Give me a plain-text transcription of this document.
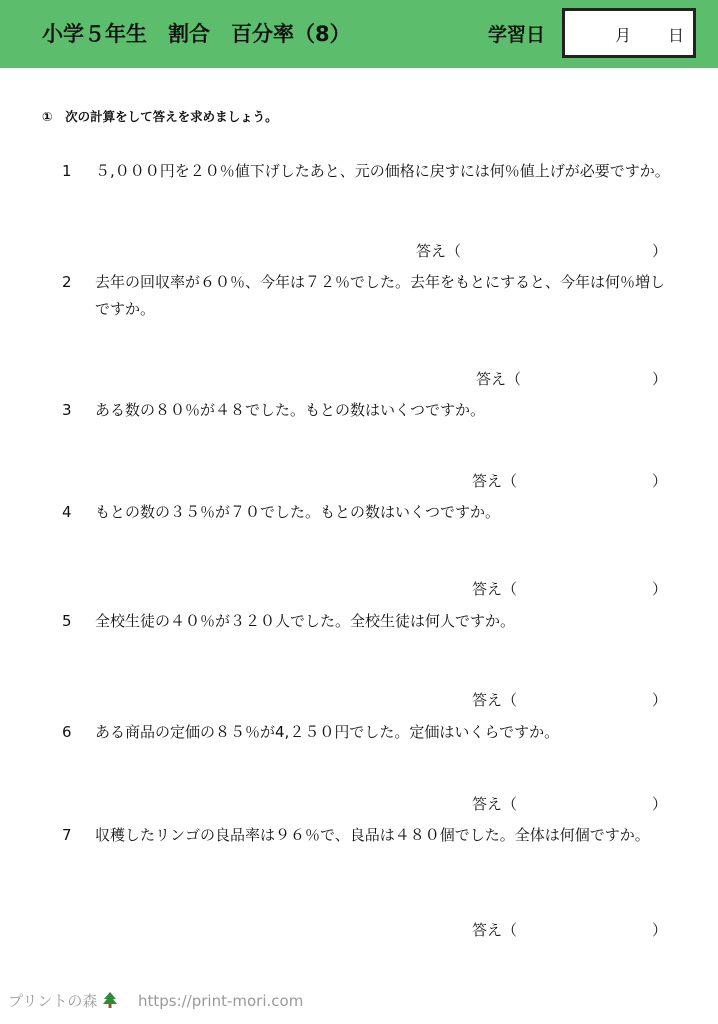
小学５年生　割合　百分率（8）	学習日	月 日
①　次の計算をして答えを求めましょう。
1 ５,０００円を２０％値下げしたあと、元の価格に戻すには何％値上げが必要ですか。
答え（	）
2 去年の回収率が６０％、今年は７２％でした。去年をもとにすると、今年は何％増しですか。
答え（	）
3 ある数の８０％が４８でした。もとの数はいくつですか。
答え（	）
4 もとの数の３５％が７０でした。もとの数はいくつですか。
答え（	）
5 全校生徒の４０％が３２０人でした。全校生徒は何人ですか。
答え（	）
6 ある商品の定価の８５％が4,２５０円でした。定価はいくらですか。
答え（	）
7 収穫したリンゴの良品率は９６％で、良品は４８０個でした。全体は何個ですか。
答え（	）
プリントの森	https://print-mori.com
